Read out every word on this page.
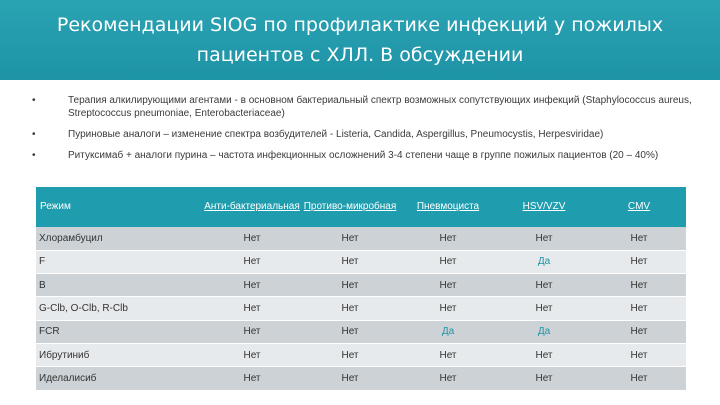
Рекомендации SIOG по профилактике инфекций у пожилых пациентов с ХЛЛ. В обсуждении
•	Терапия алкилирующими агентами - в основном бактериальный спектр возможных сопутствующих инфекций (Staphylococcus aureus, Streptococcus pneumoniae, Enterobacteriaceae)
•	Пуриновые аналоги – изменение спектра возбудителей - Listeria, Candida, Aspergillus, Pneumocystis, Herpesviridae)
•	Ритуксимаб + аналоги пурина – частота инфекционных осложнений 3-4 степени чаще в группе пожилых пациентов (20 – 40%)
Режим	Анти-бактериальная	Противо-микробная	Пневмоциста	HSV/VZV	CMV
Хлорамбуцил	Нет	Нет	Нет	Нет	Нет
F	Нет	Нет	Нет	Да	Нет
B	Нет	Нет	Нет	Нет	Нет
G-Clb, O-Clb, R-Clb	Нет	Нет	Нет	Нет	Нет
FCR	Нет	Нет	Да	Да	Нет
Ибрутиниб	Нет	Нет	Нет	Нет	Нет
Иделалисиб	Нет	Нет	Нет	Нет	Нет
